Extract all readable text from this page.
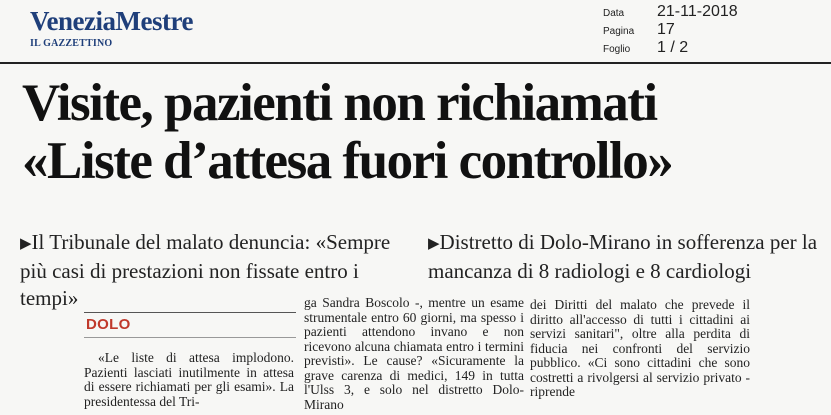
VeneziaMestre
IL GAZZETTINO
Data	21-11-2018
Pagina	17
Foglio	1 / 2
Visite, pazienti non richiamati
«Liste d’attesa fuori controllo»
▶Il Tribunale del malato denuncia: «Sempre più casi di prestazioni non fissate entro i tempi»
▶Distretto di Dolo-Mirano in sofferenza per la mancanza di 8 radiologi e 8 cardiologi
DOLO
«Le liste di attesa implodono. Pazienti lasciati inutilmente in attesa di essere richiamati per gli esami». La presidentessa del Tri-
ga Sandra Boscolo -, mentre un esame strumentale entro 60 giorni, ma spesso i pazienti attendono invano e non ricevono alcuna chiamata entro i termini previsti». Le cause? «Sicuramente la grave carenza di medici, 149 in tutta l'Ulss 3, e solo nel distretto Dolo-Mirano
dei Diritti del malato che prevede il diritto all'accesso di tutti i cittadini ai servizi sanitari", oltre alla perdita di fiducia nei confronti del servizio pubblico. «Ci sono cittadini che sono costretti a rivolgersi al servizio privato - riprende
